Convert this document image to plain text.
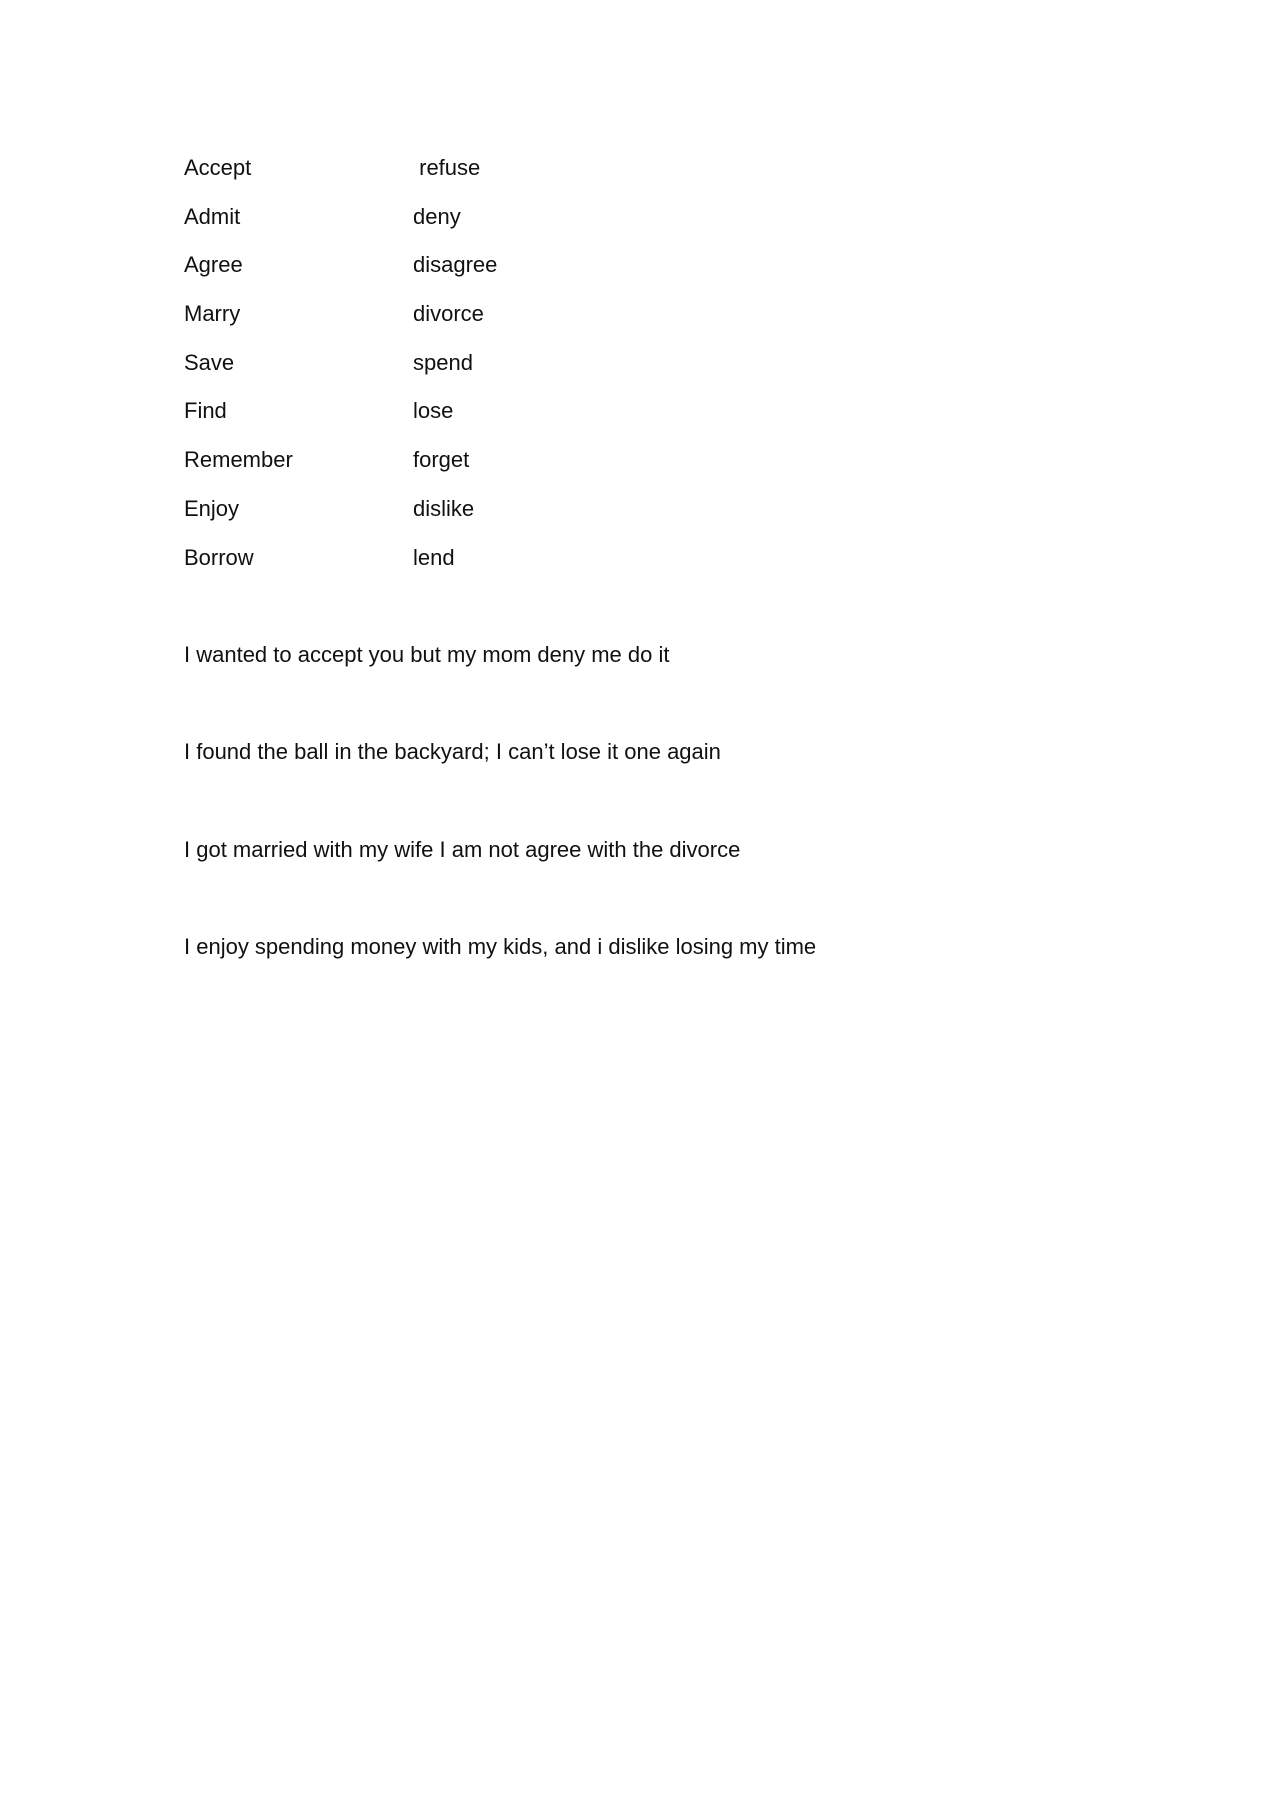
Accept	refuse
Admit	deny
Agree	disagree
Marry	divorce
Save	spend
Find	lose
Remember	forget
Enjoy	dislike
Borrow	lend

I wanted to accept you but my mom deny me do it

I found the ball in the backyard; I can’t lose it one again

I got married with my wife I am not agree with the divorce

I enjoy spending money with my kids, and i dislike losing my time
